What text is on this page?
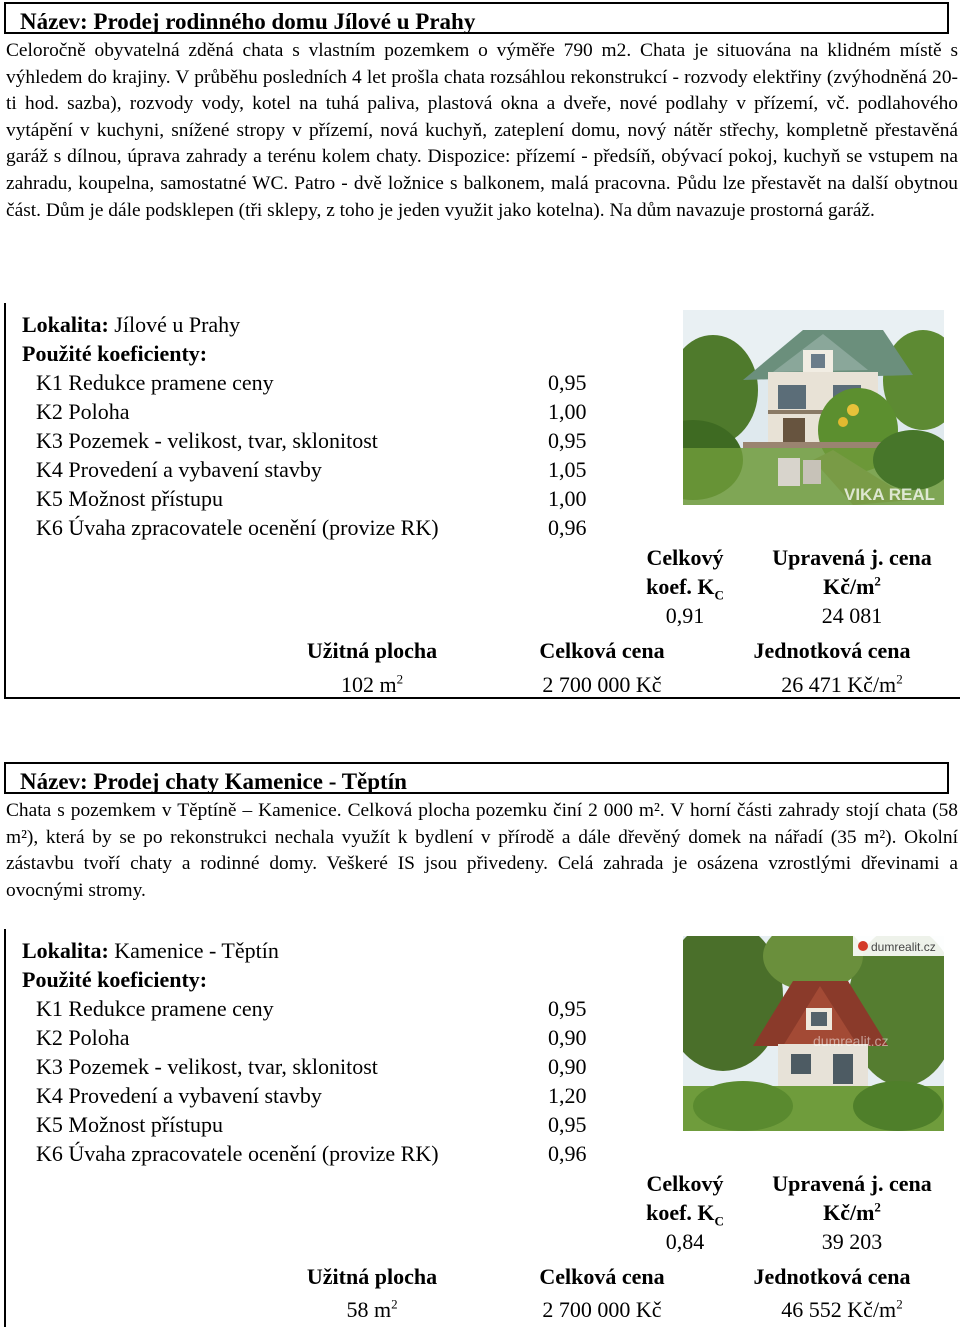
Název: Prodej rodinného domu Jílové u Prahy
Celoročně obyvatelná zděná chata s vlastním pozemkem o výměře 790 m2. Chata je situována na klidném místě s výhledem do krajiny. V průběhu posledních 4 let prošla chata rozsáhlou rekonstrukcí - rozvody elektřiny (zvýhodněná 20-ti hod. sazba), rozvody vody, kotel na tuhá paliva, plastová okna a dveře, nové podlahy v přízemí, vč. podlahového vytápění v kuchyni, snížené stropy v přízemí, nová kuchyň, zateplení domu, nový nátěr střechy, kompletně přestavěná garáž s dílnou, úprava zahrady a terénu kolem chaty. Dispozice: přízemí - předsíň, obývací pokoj, kuchyň se vstupem na zahradu, koupelna, samostatné WC. Patro - dvě ložnice s balkonem, malá pracovna. Půdu lze přestavět na další obytnou část. Dům je dále podsklepen (tři sklepy, z toho je jeden využit jako kotelna). Na dům navazuje prostorná garáž.
Lokalita: Jílové u Prahy
Použité koeficienty:
K1 Redukce pramene ceny	0,95
K2 Poloha	1,00
K3 Pozemek - velikost, tvar, sklonitost	0,95
K4 Provedení a vybavení stavby	1,05
K5 Možnost přístupu	1,00
K6 Úvaha zpracovatele ocenění (provize RK)	0,96
VIKA REAL
Celkový
koef. $K_C$
0,91
Upravená j. cena
$Kč/m^2$
24 081
Užitná plocha	Celková cena	Jednotková cena
102 $m^2$	2 700 000 Kč	26 471 $Kč/m^2$
Název: Prodej chaty Kamenice - Těptín
Chata s pozemkem v Těptíně – Kamenice. Celková plocha pozemku činí 2 000 m². V horní části zahrady stojí chata (58 m²), která by se po rekonstrukci nechala využít k bydlení v přírodě a dále dřevěný domek na nářadí (35 m²). Okolní zástavbu tvoří chaty a rodinné domy. Veškeré IS jsou přivedeny. Celá zahrada je osázena vzrostlými dřevinami a ovocnými stromy.
Lokalita: Kamenice - Těptín
Použité koeficienty:
K1 Redukce pramene ceny	0,95
K2 Poloha	0,90
K3 Pozemek - velikost, tvar, sklonitost	0,90
K4 Provedení a vybavení stavby	1,20
K5 Možnost přístupu	0,95
K6 Úvaha zpracovatele ocenění (provize RK)	0,96
dumrealit.cz
dumrealit.cz
Celkový
koef. $K_C$
0,84
Upravená j. cena
$Kč/m^2$
39 203
Užitná plocha	Celková cena	Jednotková cena
58 $m^2$	2 700 000 Kč	46 552 $Kč/m^2$
